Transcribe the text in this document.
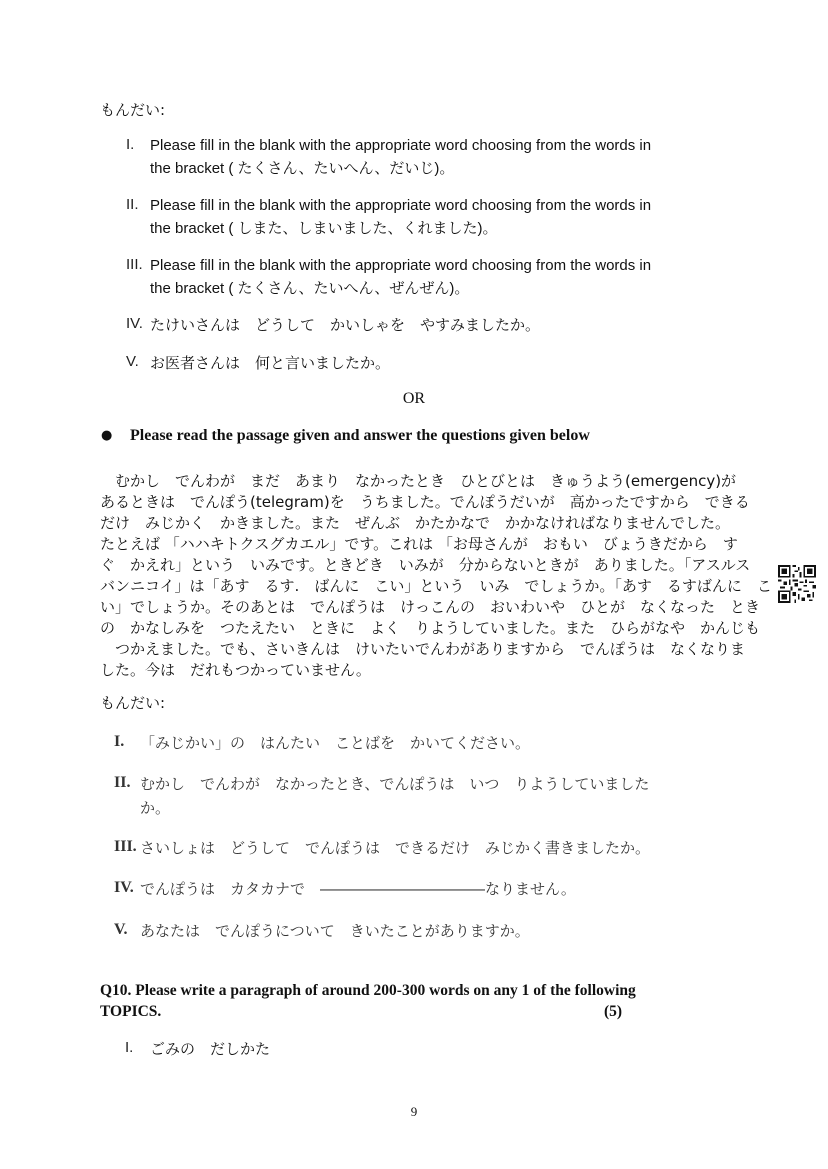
もんだい:
I.	Please fill in the blank with the appropriate word choosing from the words in
the bracket ( たくさん、たいへん、だいじ)。
II. Please fill in the blank with the appropriate word choosing from the words in
the bracket ( しまた、しまいました、くれました)。
III. Please fill in the blank with the appropriate word choosing from the words in
the bracket ( たくさん、たいへん、ぜんぜん)。
IV. たけいさんは　どうして　かいしゃを　やすみましたか。
V. お医者さんは　何と言いましたか。
OR
● Please read the passage given and answer the questions given below
　むかし　でんわが　まだ　あまり　なかったとき　ひとびとは　きゅうよう(emergency)が
あるときは　でんぽう(telegram)を　うちました。でんぽうだいが　高かったですから　できる
だけ　みじかく　かきました。また　ぜんぶ　かたかなで　かかなければなりませんでした。
たとえば 「ハハキトクスグカエル」です。これは 「お母さんが　おもい　びょうきだから　す
ぐ　かえれ」という　いみです。ときどき　いみが　分からないときが　ありました。「アスルス
バンニコイ」は「あす　るす.　ばんに　こい」という　いみ　でしょうか。「あす　るすばんに　こ
い」でしょうか。そのあとは　でんぽうは　けっこんの　おいわいや　ひとが　なくなった　とき
の　かなしみを　つたえたい　ときに　よく　りようしていました。また　ひらがなや　かんじも
　つかえました。でも、さいきんは　けいたいでんわがありますから　でんぽうは　なくなりま
した。今は　だれもつかっていません。
もんだい:
I.	「みじかい」の　はんたい　ことばを　かいてください。
II. むかし　でんわが　なかったとき、でんぽうは　いつ　りようしていました
か。
III. さいしょは　どうして　でんぽうは　できるだけ　みじかく書きましたか。
IV. でんぽうは　カタカナで　―――――――――――なりません。
V. あなたは　でんぽうについて　きいたことがありますか。
Q10. Please write a paragraph of around 200-300 words on any 1 of the following
TOPICS.	(5)
I.	ごみの　だしかた
9
